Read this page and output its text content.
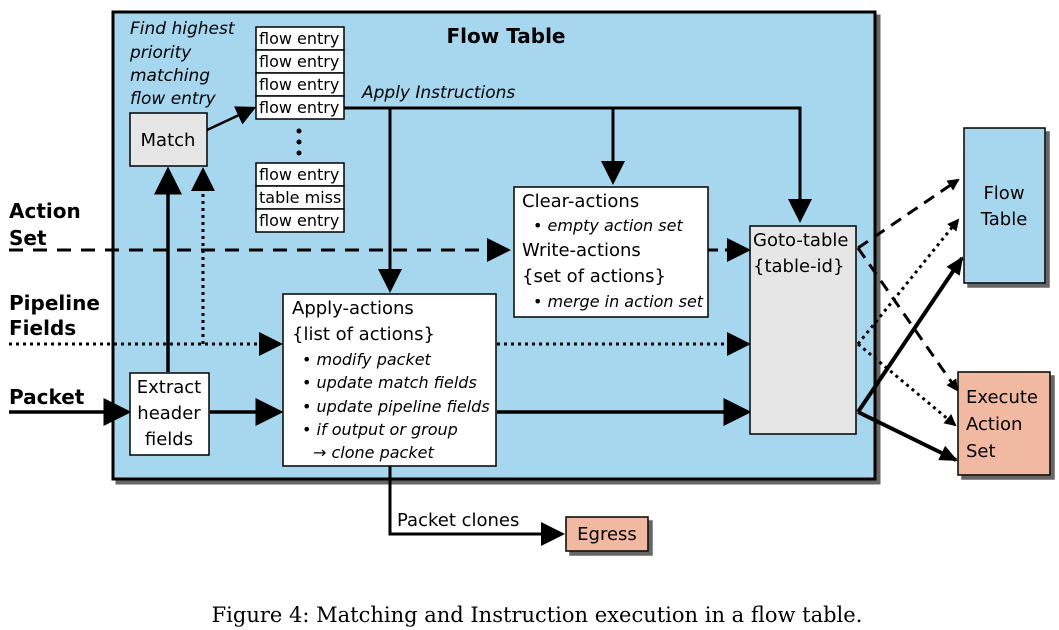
Flow Table
Find highest
priority
matching
flow entry
Match
flow entry
flow entry
flow entry
flow entry
flow entry
table miss
flow entry
Apply Instructions
Action
Set
Pipeline
Fields
Packet	Extract
header
fields
Clear-actions
• empty action set
Write-actions
{set of actions}
• merge in action set
Apply-actions
{list of actions}
• modify packet
• update match fields
• update pipeline fields
• if output or group
→ clone packet
Goto-table
{table-id}
Flow
Table
Execute
Action
Set
Packet clones
Egress
Figure 4: Matching and Instruction execution in a flow table.
